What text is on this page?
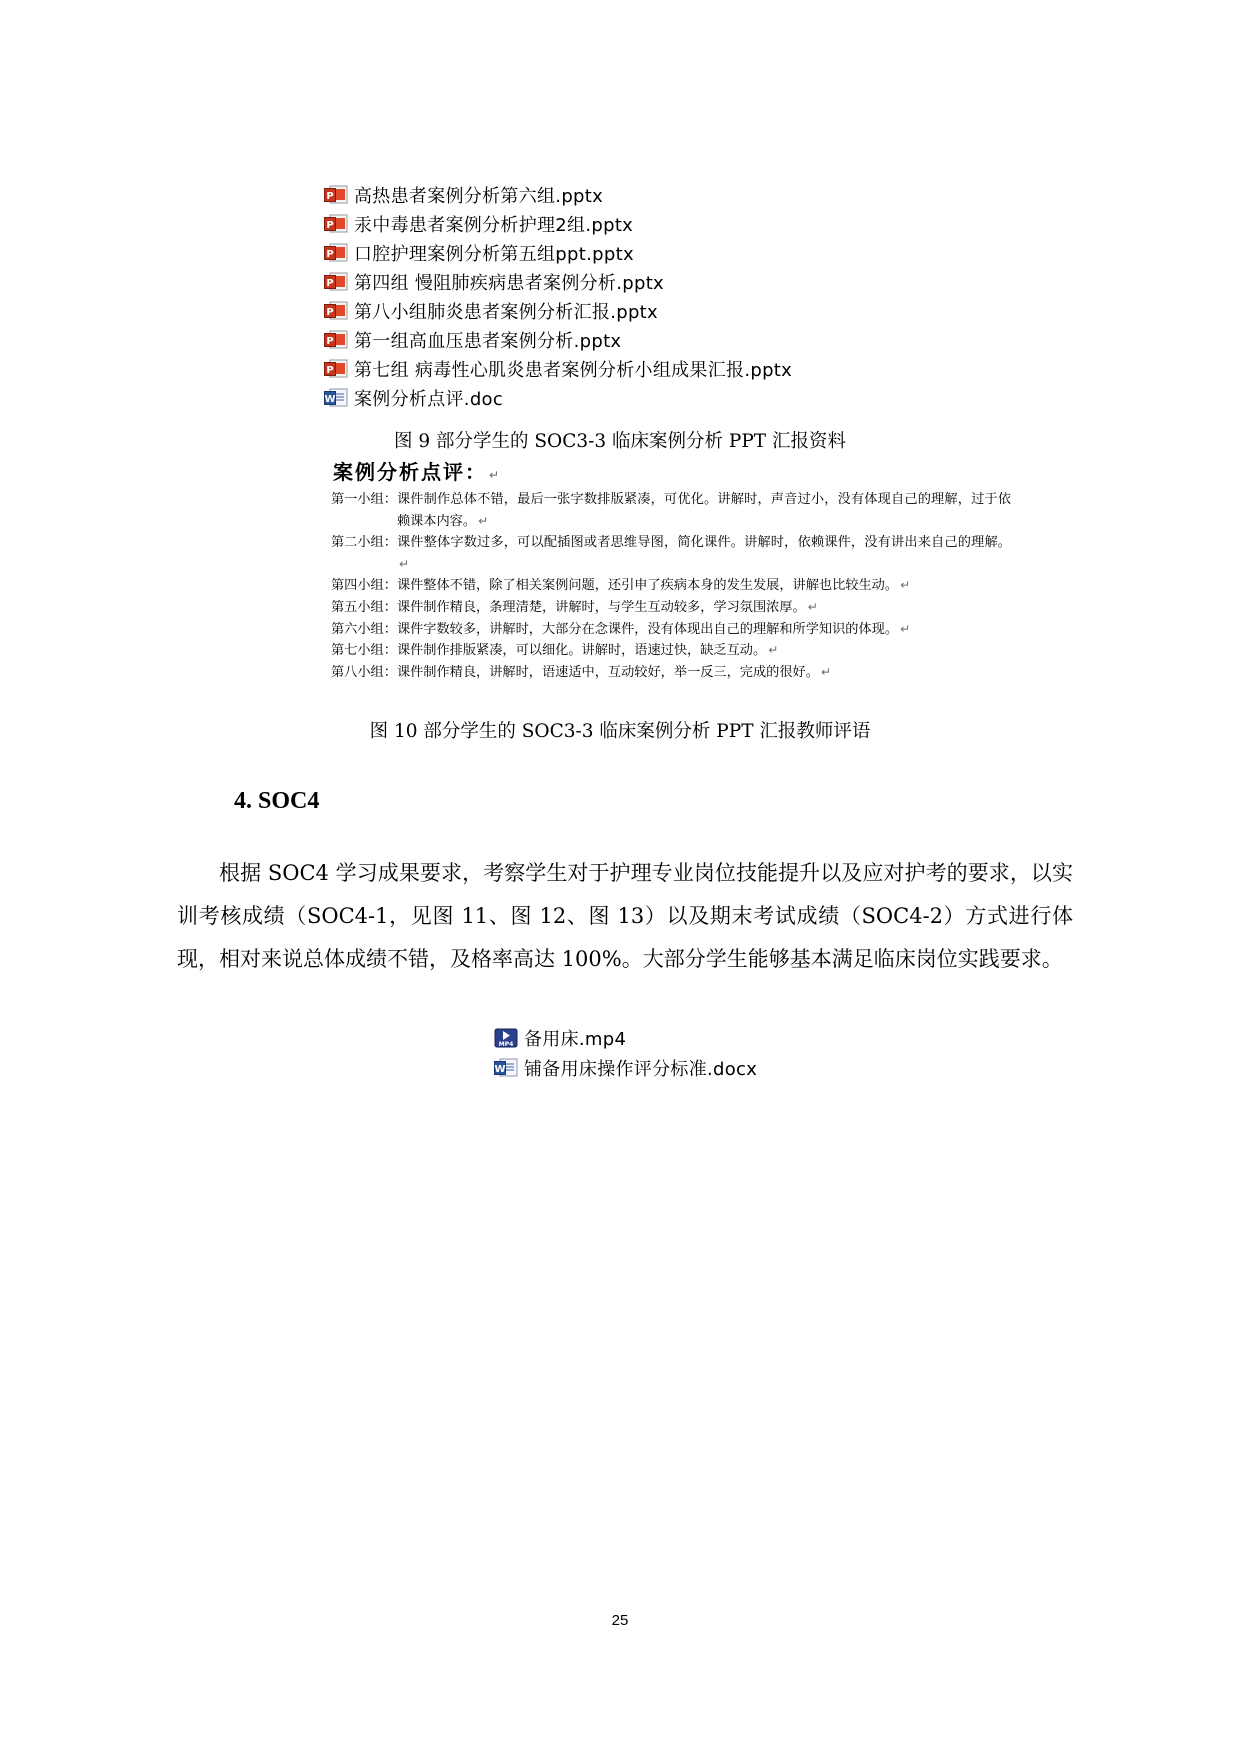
P 高热患者案例分析第六组.pptx
P 汞中毒患者案例分析护理2组.pptx
P 口腔护理案例分析第五组ppt.pptx
P 第四组 慢阻肺疾病患者案例分析.pptx
P 第八小组肺炎患者案例分析汇报.pptx
P 第一组高血压患者案例分析.pptx
P 第七组 病毒性心肌炎患者案例分析小组成果汇报.pptx
W 案例分析点评.doc
图 9 部分学生的 SOC3-3 临床案例分析 PPT 汇报资料
案例分析点评： ↵
第一小组： 课件制作总体不错，最后一张字数排版紧凑，可优化。讲解时，声音过小，没有体现自己的理解，过于依赖课本内容。 ↵
第二小组： 课件整体字数过多，可以配插图或者思维导图，简化课件。讲解时，依赖课件，没有讲出来自己的理解。↵
第四小组： 课件整体不错，除了相关案例问题，还引申了疾病本身的发生发展，讲解也比较生动。 ↵
第五小组： 课件制作精良，条理清楚，讲解时，与学生互动较多，学习氛围浓厚。 ↵
第六小组： 课件字数较多，讲解时，大部分在念课件，没有体现出自己的理解和所学知识的体现。 ↵
第七小组： 课件制作排版紧凑，可以细化。讲解时，语速过快，缺乏互动。 ↵
第八小组： 课件制作精良，讲解时，语速适中，互动较好，举一反三，完成的很好。 ↵
图 10 部分学生的 SOC3-3 临床案例分析 PPT 汇报教师评语
4. SOC4
根据 SOC4 学习成果要求，考察学生对于护理专业岗位技能提升以及应对护考的要求，以实训考核成绩（SOC4-1，见图 11、图 12、图 13）以及期末考试成绩（SOC4-2）方式进行体现，相对来说总体成绩不错，及格率高达 100%。大部分学生能够基本满足临床岗位实践要求。
MP4 备用床.mp4
W 铺备用床操作评分标准.docx
25
